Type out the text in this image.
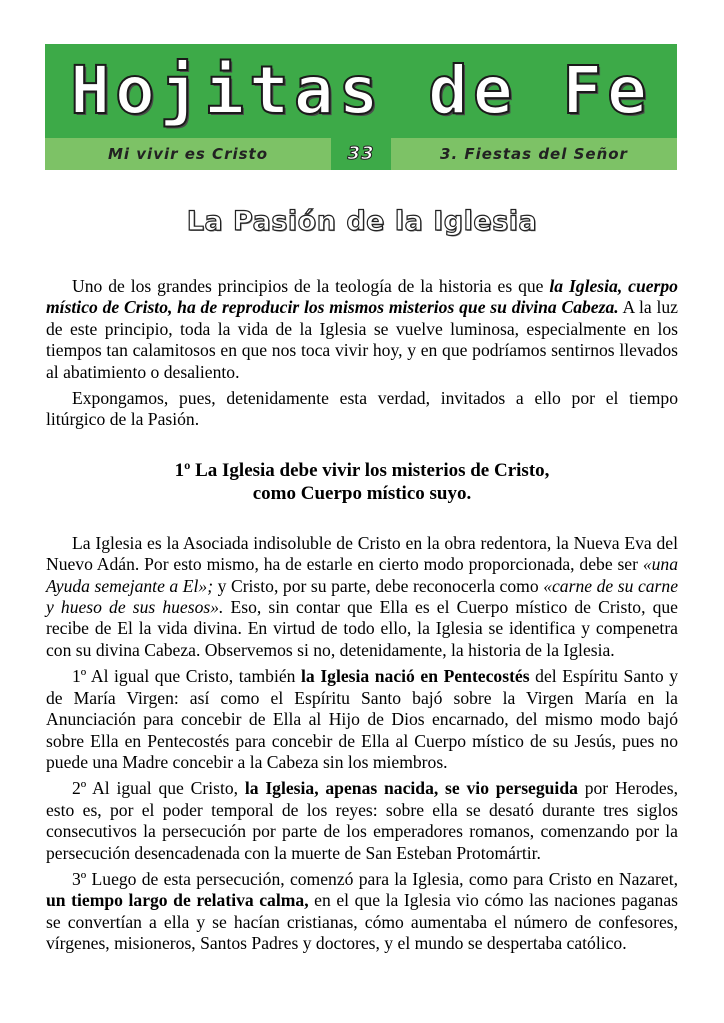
Hojitas de Fe
Mi vivir es Cristo	33	3. Fiestas del Señor
La Pasión de la Iglesia

Uno de los grandes principios de la teología de la historia es que la Iglesia, cuerpo místico de Cristo, ha de reproducir los mismos misterios que su divina Cabeza. A la luz de este principio, toda la vida de la Iglesia se vuelve luminosa, especialmente en los tiempos tan calamitosos en que nos toca vivir hoy, y en que podríamos sentirnos llevados al abatimiento o desaliento.

Expongamos, pues, detenidamente esta verdad, invitados a ello por el tiempo litúrgico de la Pasión.

1º La Iglesia debe vivir los misterios de Cristo,
como Cuerpo místico suyo.

La Iglesia es la Asociada indisoluble de Cristo en la obra redentora, la Nueva Eva del Nuevo Adán. Por esto mismo, ha de estarle en cierto modo proporcionada, debe ser «una Ayuda semejante a El»; y Cristo, por su parte, debe reconocerla como «carne de su carne y hueso de sus huesos». Eso, sin contar que Ella es el Cuerpo místico de Cristo, que recibe de El la vida divina. En virtud de todo ello, la Iglesia se identifica y compenetra con su divina Cabeza. Observemos si no, detenidamente, la historia de la Iglesia.

1º Al igual que Cristo, también la Iglesia nació en Pentecostés del Espíritu Santo y de María Virgen: así como el Espíritu Santo bajó sobre la Virgen María en la Anunciación para concebir de Ella al Hijo de Dios encarnado, del mismo modo bajó sobre Ella en Pentecostés para concebir de Ella al Cuerpo místico de su Jesús, pues no puede una Madre concebir a la Cabeza sin los miembros.

2º Al igual que Cristo, la Iglesia, apenas nacida, se vio perseguida por Herodes, esto es, por el poder temporal de los reyes: sobre ella se desató durante tres siglos consecutivos la persecución por parte de los emperadores romanos, comenzando por la persecución desencadenada con la muerte de San Esteban Protomártir.

3º Luego de esta persecución, comenzó para la Iglesia, como para Cristo en Nazaret, un tiempo largo de relativa calma, en el que la Iglesia vio cómo las naciones paganas se convertían a ella y se hacían cristianas, cómo aumentaba el número de confesores, vírgenes, misioneros, Santos Padres y doctores, y el mundo se despertaba católico.
